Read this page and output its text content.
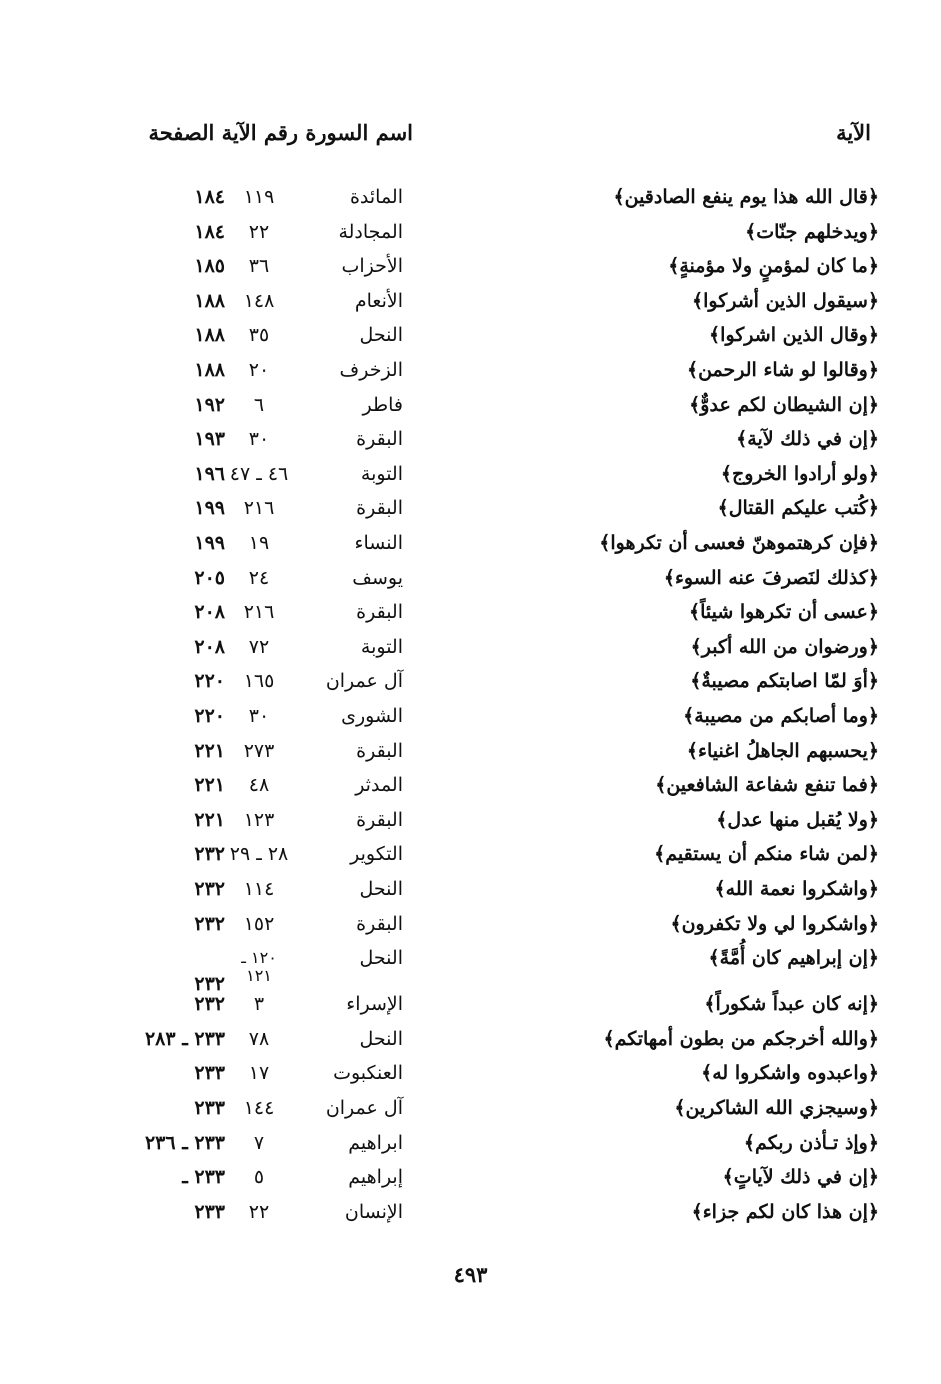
الآية
اسم السورة رقم الآية الصفحة
﴿قال الله هذا يوم ينفع الصادقين﴾
المائدة
١١٩
١٨٤
﴿ويدخلهم جنّات﴾
المجادلة
٢٢
١٨٤
﴿ما كان لمؤمنٍ ولا مؤمنةٍ﴾
الأحزاب
٣٦
١٨٥
﴿سيقول الذين أشركوا﴾
الأنعام
١٤٨
١٨٨
﴿وقال الذين اشركوا﴾
النحل
٣٥
١٨٨
﴿وقالوا لو شاء الرحمن﴾
الزخرف
٢٠
١٨٨
﴿إن الشيطان لكم عدوٌّ﴾
فاطر
٦
١٩٢
﴿إن في ذلك لآية﴾
البقرة
٣٠
١٩٣
﴿ولو أرادوا الخروج﴾
التوبة
٤٦ ـ ٤٧
١٩٦
﴿كُتب عليكم القتال﴾
البقرة
٢١٦
١٩٩
﴿فإن كرهتموهنّ فعسى أن تكرهوا﴾
النساء
١٩
١٩٩
﴿كذلك لنَصرفَ عنه السوء﴾
يوسف
٢٤
٢٠٥
﴿عسى أن تكرهوا شيئاً﴾
البقرة
٢١٦
٢٠٨
﴿ورضوان من الله أكبر﴾
التوبة
٧٢
٢٠٨
﴿أوَ لمّا اصابتكم مصيبةٌ﴾
آل عمران
١٦٥
٢٢٠
﴿وما أصابكم من مصيبة﴾
الشورى
٣٠
٢٢٠
﴿يحسبهم الجاهلُ اغنياء﴾
البقرة
٢٧٣
٢٢١
﴿فما تنفع شفاعة الشافعين﴾
المدثر
٤٨
٢٢١
﴿ولا يُقبل منها عدل﴾
البقرة
١٢٣
٢٢١
﴿لمن شاء منكم أن يستقيم﴾
التكوير
٢٨ ـ ٢٩
٢٣٢
﴿واشكروا نعمة الله﴾
النحل
١١٤
٢٣٢
﴿واشكروا لي ولا تكفرون﴾
البقرة
١٥٢
٢٣٢
﴿إن إبراهيم كان أُمَّةً﴾
النحل
١٢٠ ـ
١٢١
٢٣٢
﴿إنه كان عبداً شكوراً﴾
الإسراء
٣
٢٣٢
﴿والله أخرجكم من بطون أمهاتكم﴾
النحل
٧٨
٢٣٣ ـ ٢٨٣
﴿واعبدوه واشكروا له﴾
العنكبوت
١٧
٢٣٣
﴿وسيجزي الله الشاكرين﴾
آل عمران
١٤٤
٢٣٣
﴿وإذ تـأذن ربكم﴾
ابراهيم
٧
٢٣٣ ـ ٢٣٦
﴿إن في ذلك لآياتٍ﴾
إبراهيم
٥
٢٣٣ ـ
﴿إن هذا كان لكم جزاء﴾
الإنسان
٢٢
٢٣٣
٤٩٣
